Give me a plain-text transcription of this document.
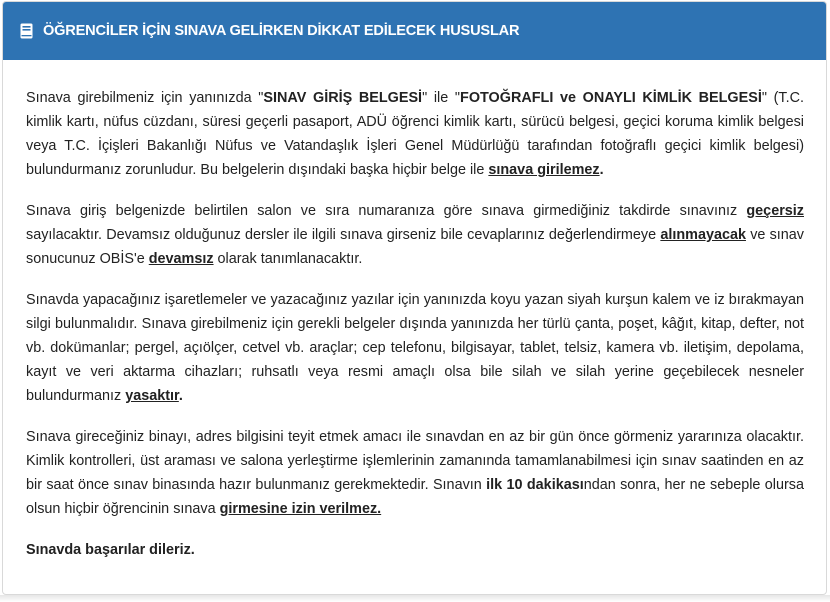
ÖĞRENCİLER İÇİN SINAVA GELİRKEN DİKKAT EDİLECEK HUSUSLAR

Sınava girebilmeniz için yanınızda "SINAV GİRİŞ BELGESİ" ile "FOTOĞRAFLI ve ONAYLI KİMLİK BELGESİ" (T.C. kimlik kartı, nüfus cüzdanı, süresi geçerli pasaport, ADÜ öğrenci kimlik kartı, sürücü belgesi, geçici koruma kimlik belgesi veya T.C. İçişleri Bakanlığı Nüfus ve Vatandaşlık İşleri Genel Müdürlüğü tarafından fotoğraflı geçici kimlik belgesi) bulundurmanız zorunludur. Bu belgelerin dışındaki başka hiçbir belge ile sınava girilemez.

Sınava giriş belgenizde belirtilen salon ve sıra numaranıza göre sınava girmediğiniz takdirde sınavınız geçersiz sayılacaktır. Devamsız olduğunuz dersler ile ilgili sınava girseniz bile cevaplarınız değerlendirmeye alınmayacak ve sınav sonucunuz OBİS'e devamsız olarak tanımlanacaktır.

Sınavda yapacağınız işaretlemeler ve yazacağınız yazılar için yanınızda koyu yazan siyah kurşun kalem ve iz bırakmayan silgi bulunmalıdır. Sınava girebilmeniz için gerekli belgeler dışında yanınızda her türlü çanta, poşet, kâğıt, kitap, defter, not vb. dokümanlar; pergel, açıölçer, cetvel vb. araçlar; cep telefonu, bilgisayar, tablet, telsiz, kamera vb. iletişim, depolama, kayıt ve veri aktarma cihazları; ruhsatlı veya resmi amaçlı olsa bile silah ve silah yerine geçebilecek nesneler bulundurmanız yasaktır.

Sınava gireceğiniz binayı, adres bilgisini teyit etmek amacı ile sınavdan en az bir gün önce görmeniz yararınıza olacaktır. Kimlik kontrolleri, üst araması ve salona yerleştirme işlemlerinin zamanında tamamlanabilmesi için sınav saatinden en az bir saat önce sınav binasında hazır bulunmanız gerekmektedir. Sınavın ilk 10 dakikasından sonra, her ne sebeple olursa olsun hiçbir öğrencinin sınava girmesine izin verilmez.

Sınavda başarılar dileriz.
